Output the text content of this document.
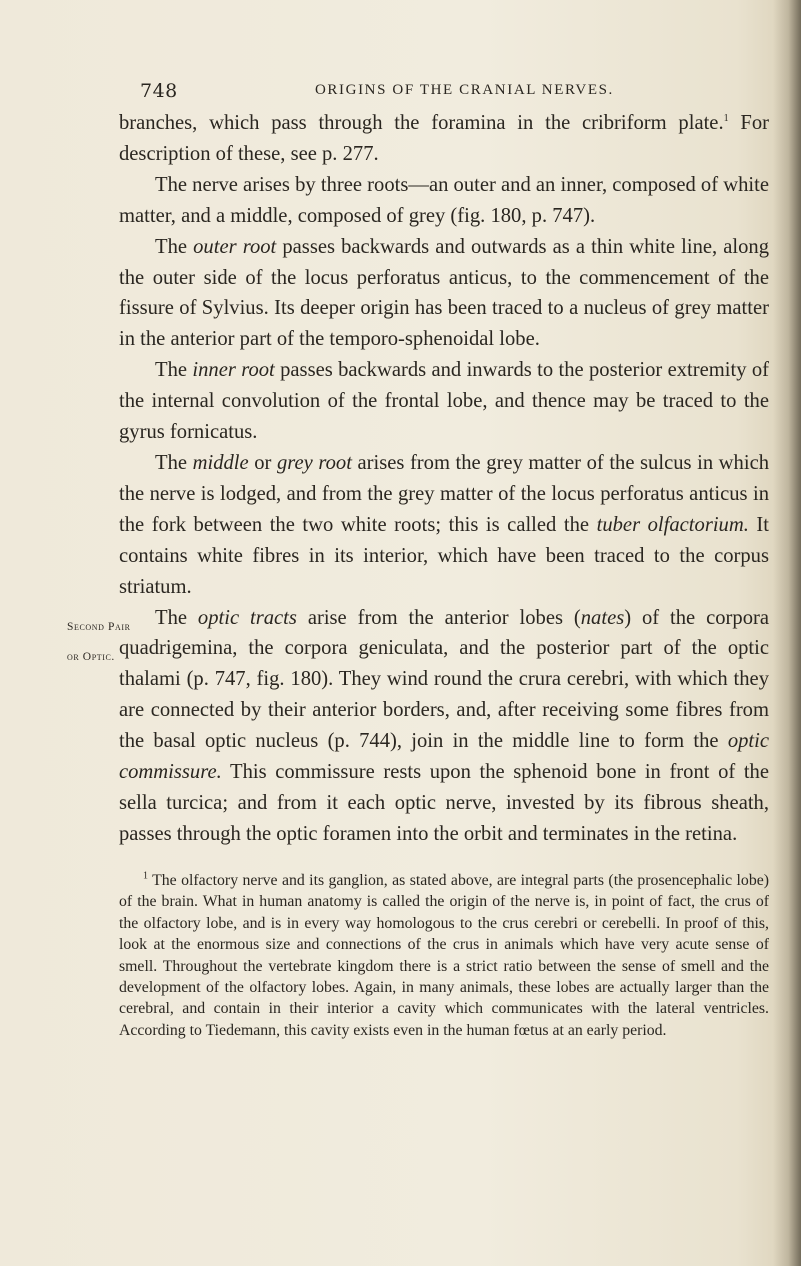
748	ORIGINS OF THE CRANIAL NERVES.
Second Pair
or Optic.

branches, which pass through the foramina in the cribriform plate.$^1$ For description of these, see p. 277.

The nerve arises by three roots—an outer and an inner, composed of white matter, and a middle, composed of grey (fig. 180, p. 747).

The outer root passes backwards and outwards as a thin white line, along the outer side of the locus perforatus anticus, to the commencement of the fissure of Sylvius. Its deeper origin has been traced to a nucleus of grey matter in the anterior part of the temporo-sphenoidal lobe.

The inner root passes backwards and inwards to the posterior extremity of the internal convolution of the frontal lobe, and thence may be traced to the gyrus fornicatus.

The middle or grey root arises from the grey matter of the sulcus in which the nerve is lodged, and from the grey matter of the locus perforatus anticus in the fork between the two white roots; this is called the tuber olfactorium. It contains white fibres in its interior, which have been traced to the corpus striatum.

The optic tracts arise from the anterior lobes (nates) of the corpora quadrigemina, the corpora geniculata, and the posterior part of the optic thalami (p. 747, fig. 180). They wind round the crura cerebri, with which they are connected by their anterior borders, and, after receiving some fibres from the basal optic nucleus (p. 744), join in the middle line to form the optic commissure. This commissure rests upon the sphenoid bone in front of the sella turcica; and from it each optic nerve, invested by its fibrous sheath, passes through the optic foramen into the orbit and terminates in the retina.

$^1$ The olfactory nerve and its ganglion, as stated above, are integral parts (the prosencephalic lobe) of the brain. What in human anatomy is called the origin of the nerve is, in point of fact, the crus of the olfactory lobe, and is in every way homologous to the crus cerebri or cerebelli. In proof of this, look at the enormous size and connections of the crus in animals which have very acute sense of smell. Throughout the vertebrate kingdom there is a strict ratio between the sense of smell and the development of the olfactory lobes. Again, in many animals, these lobes are actually larger than the cerebral, and contain in their interior a cavity which communicates with the lateral ventricles. According to Tiedemann, this cavity exists even in the human fœtus at an early period.
